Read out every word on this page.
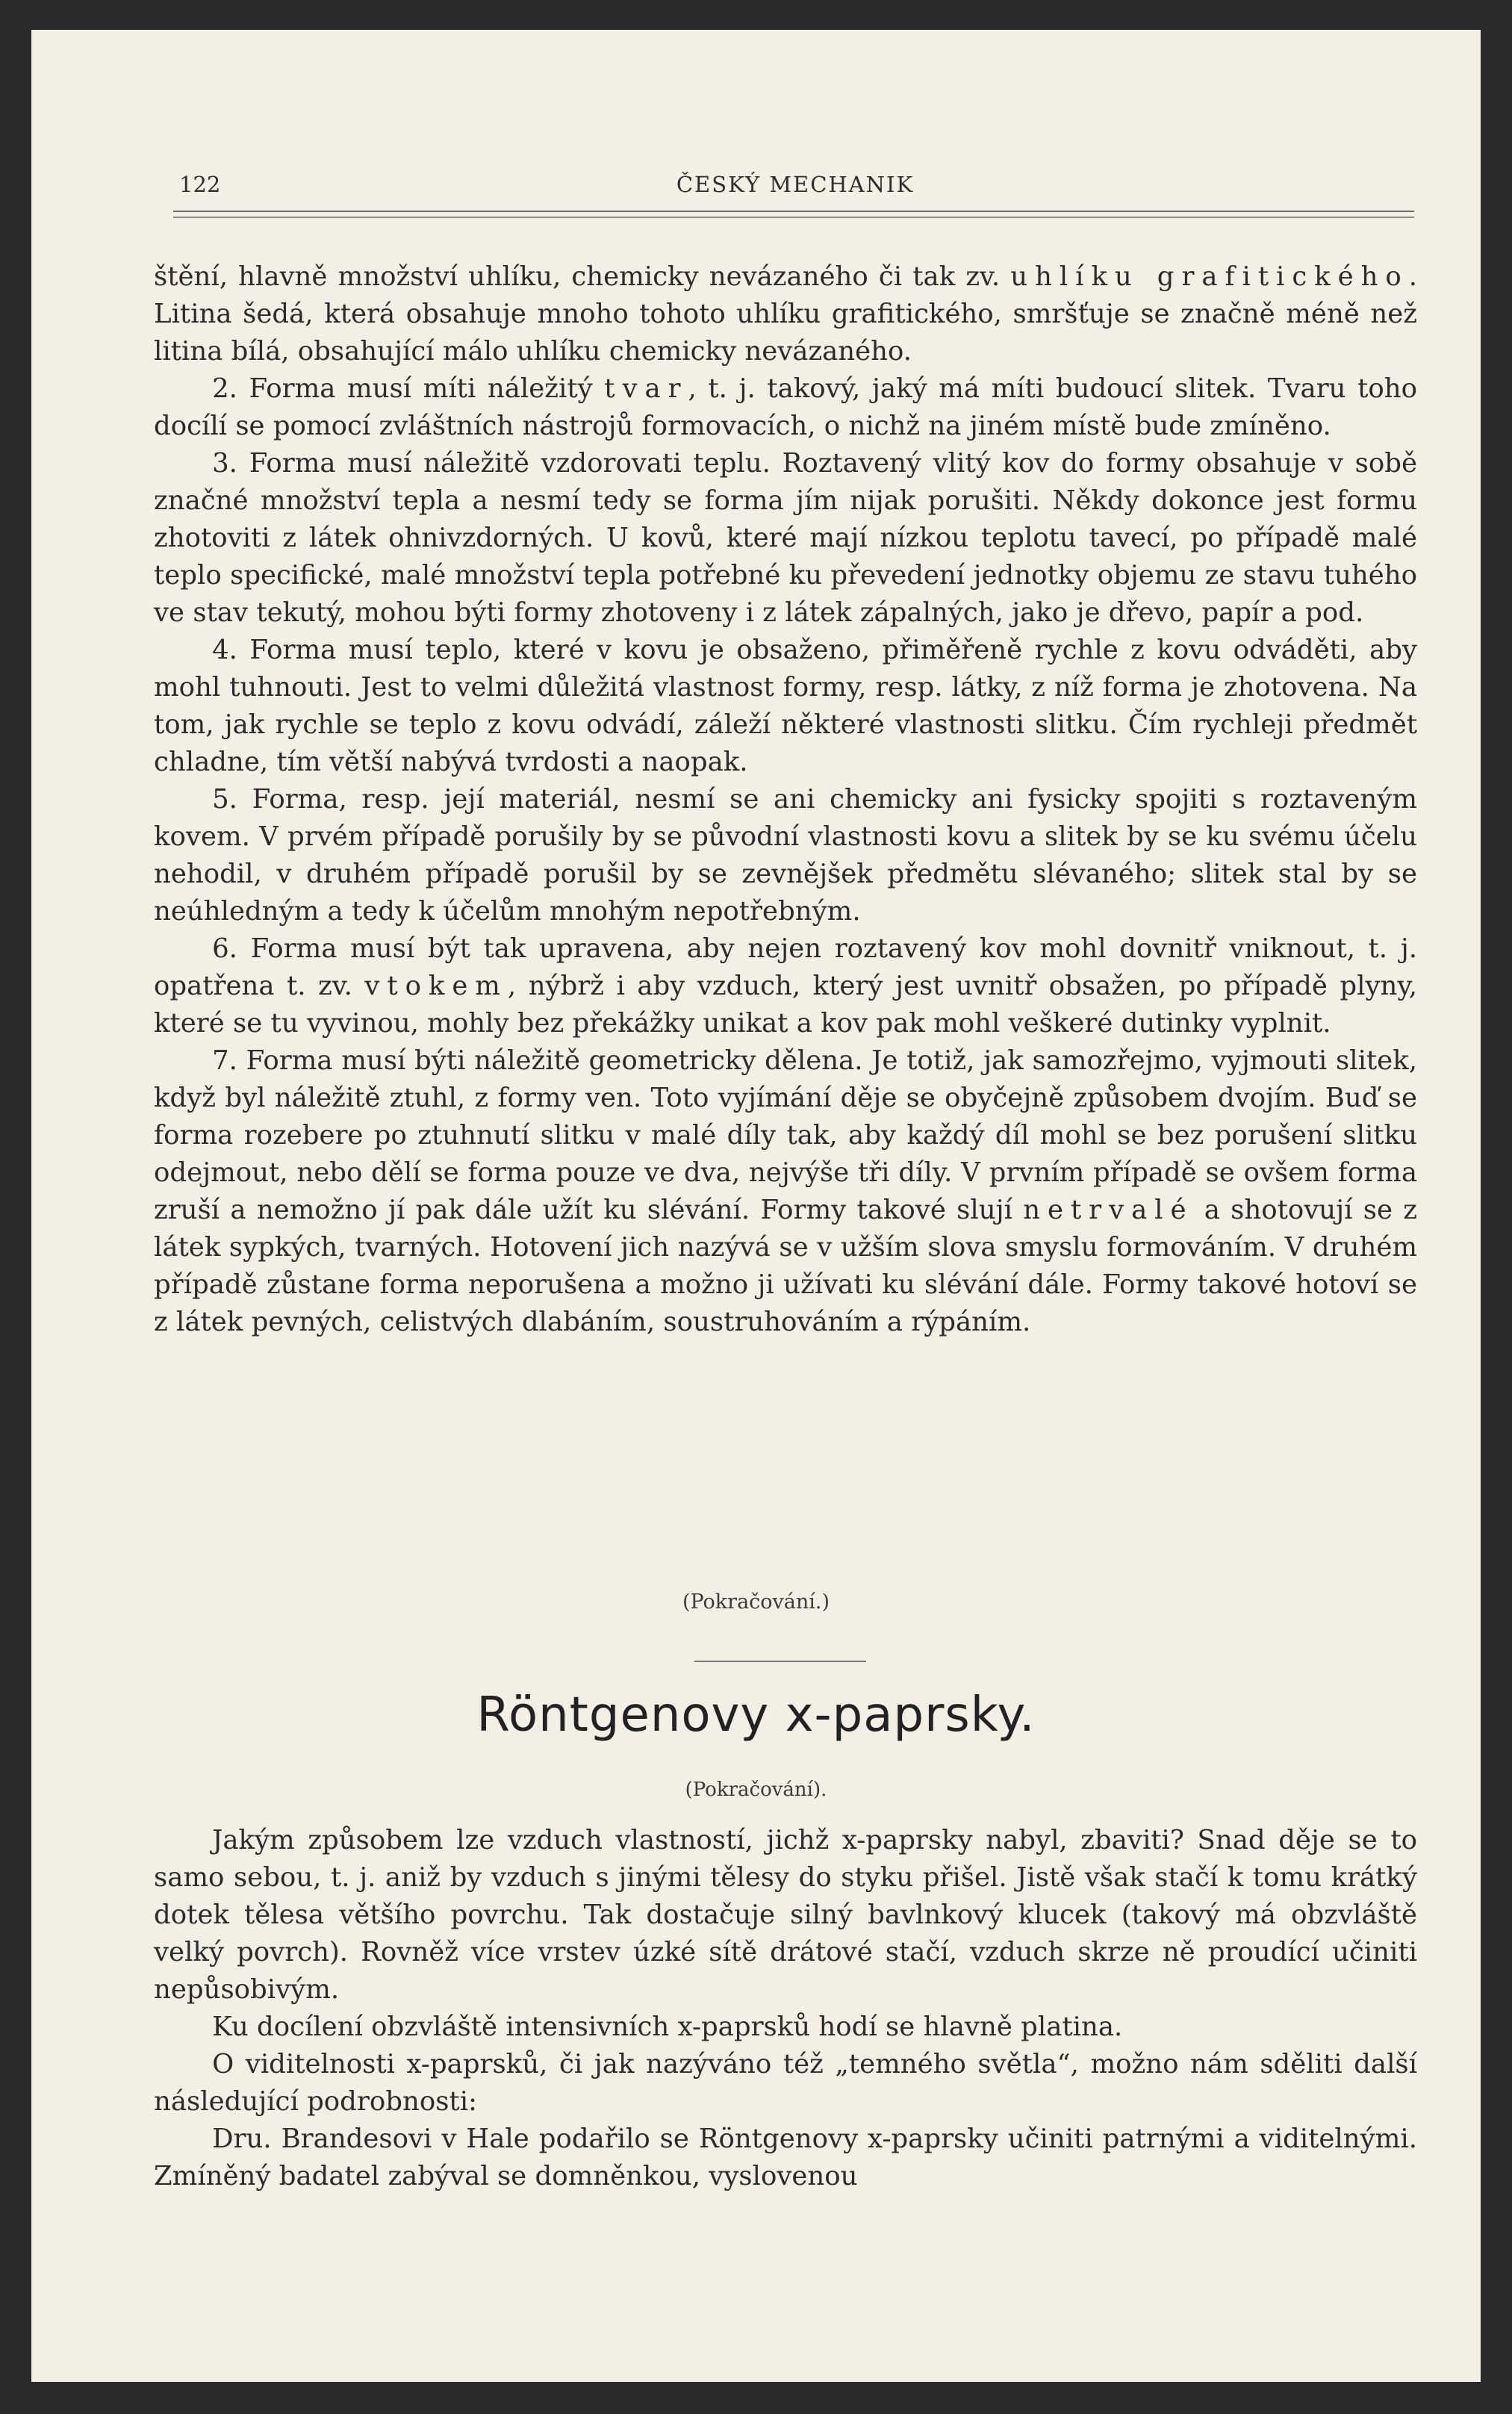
122	ČESKÝ MECHANIK

štění, hlavně množství uhlíku, chemicky nevázaného či tak zv. uhlíku grafitického. Litina šedá, která obsahuje mnoho tohoto uhlíku grafitického, smršťuje se značně méně než litina bílá, obsahující málo uhlíku chemicky nevázaného.

2. Forma musí míti náležitý tvar, t. j. takový, jaký má míti budoucí slitek. Tvaru toho docílí se pomocí zvláštních nástrojů formovacích, o nichž na jiném místě bude zmíněno.

3. Forma musí náležitě vzdorovati teplu. Roztavený vlitý kov do formy obsahuje v sobě značné množství tepla a nesmí tedy se forma jím nijak porušiti. Někdy dokonce jest formu zhotoviti z látek ohnivzdorných. U kovů, které mají nízkou teplotu tavecí, po případě malé teplo specifické, malé množství tepla potřebné ku převedení jednotky objemu ze stavu tuhého ve stav tekutý, mohou býti formy zhotoveny i z látek zápalných, jako je dřevo, papír a pod.

4. Forma musí teplo, které v kovu je obsaženo, přiměřeně rychle z kovu odváděti, aby mohl tuhnouti. Jest to velmi důležitá vlastnost formy, resp. látky, z níž forma je zhotovena. Na tom, jak rychle se teplo z kovu odvádí, záleží některé vlastnosti slitku. Čím rychleji předmět chladne, tím větší nabývá tvrdosti a naopak.

5. Forma, resp. její materiál, nesmí se ani chemicky ani fysicky spojiti s roztaveným kovem. V prvém případě porušily by se původní vlastnosti kovu a slitek by se ku svému účelu nehodil, v druhém případě porušil by se zevnějšek předmětu slévaného; slitek stal by se neúhledným a tedy k účelům mnohým nepotřebným.

6. Forma musí být tak upravena, aby nejen roztavený kov mohl dovnitř vniknout, t. j. opatřena t. zv. vtokem, nýbrž i aby vzduch, který jest uvnitř obsažen, po případě plyny, které se tu vyvinou, mohly bez překážky unikat a kov pak mohl veškeré dutinky vyplnit.

7. Forma musí býti náležitě geometricky dělena. Je totiž, jak samozřejmo, vyjmouti slitek, když byl náležitě ztuhl, z formy ven. Toto vyjímání děje se obyčejně způsobem dvojím. Buď se forma rozebere po ztuhnutí slitku v malé díly tak, aby každý díl mohl se bez porušení slitku odejmout, nebo dělí se forma pouze ve dva, nejvýše tři díly. V prvním případě se ovšem forma zruší a nemožno jí pak dále užít ku slévání. Formy takové slují netrvalé a shotovují se z látek sypkých, tvarných. Hotovení jich nazývá se v užším slova smyslu formováním. V druhém případě zůstane forma neporušena a možno ji užívati ku slévání dále. Formy takové hotoví se z látek pevných, celistvých dlabáním, soustruhováním a rýpáním.

(Pokračování.)
Röntgenovy x-paprsky.
(Pokračování).

Jakým způsobem lze vzduch vlastností, jichž x-paprsky nabyl, zbaviti? Snad děje se to samo sebou, t. j. aniž by vzduch s jinými tělesy do styku přišel. Jistě však stačí k tomu krátký dotek tělesa většího povrchu. Tak dostačuje silný bavlnkový klucek (takový má obzvláště velký povrch). Rovněž více vrstev úzké sítě drátové stačí, vzduch skrze ně proudící učiniti nepůsobivým.

Ku docílení obzvláště intensivních x-paprsků hodí se hlavně platina.

O viditelnosti x-paprsků, či jak nazýváno též „temného světla“, možno nám sděliti další následující podrobnosti:

Dru. Brandesovi v Hale podařilo se Röntgenovy x-paprsky učiniti patrnými a viditelnými. Zmíněný badatel zabýval se domněnkou, vyslovenou
